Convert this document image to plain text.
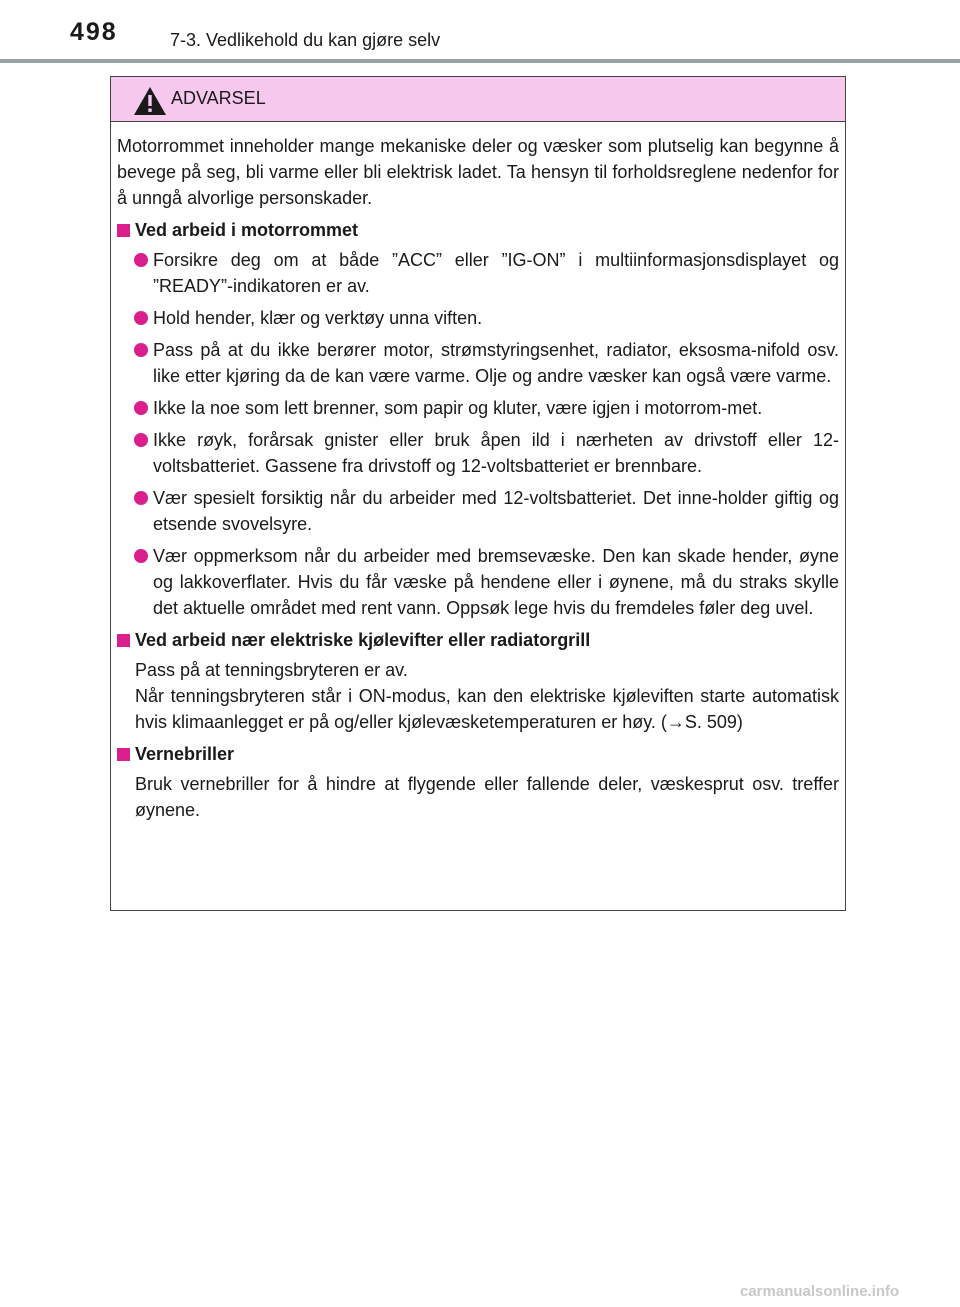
498	7-3. Vedlikehold du kan gjøre selv
ADVARSEL

Motorrommet inneholder mange mekaniske deler og væsker som plutselig kan begynne å bevege på seg, bli varme eller bli elektrisk ladet. Ta hensyn til forholdsreglene nedenfor for å unngå alvorlige personskader.

Ved arbeid i motorrommet
Forsikre deg om at både ”ACC” eller ”IG-ON” i multiinformasjonsdisplayet og ”READY”-indikatoren er av.
Hold hender, klær og verktøy unna viften.
Pass på at du ikke berører motor, strømstyringsenhet, radiator, eksosma-nifold osv. like etter kjøring da de kan være varme. Olje og andre væsker kan også være varme.
Ikke la noe som lett brenner, som papir og kluter, være igjen i motorrom-met.
Ikke røyk, forårsak gnister eller bruk åpen ild i nærheten av drivstoff eller 12-voltsbatteriet. Gassene fra drivstoff og 12-voltsbatteriet er brennbare.
Vær spesielt forsiktig når du arbeider med 12-voltsbatteriet. Det inne-holder giftig og etsende svovelsyre.
Vær oppmerksom når du arbeider med bremsevæske. Den kan skade hender, øyne og lakkoverflater. Hvis du får væske på hendene eller i øynene, må du straks skylle det aktuelle området med rent vann. Oppsøk lege hvis du fremdeles føler deg uvel.
Ved arbeid nær elektriske kjølevifter eller radiatorgrill
Pass på at tenningsbryteren er av.
Når tenningsbryteren står i ON-modus, kan den elektriske kjøleviften starte automatisk hvis klimaanlegget er på og/eller kjølevæsketemperaturen er høy. (→S. 509)
Vernebriller
Bruk vernebriller for å hindre at flygende eller fallende deler, væskesprut osv. treffer øynene.
carmanualsonline.info
